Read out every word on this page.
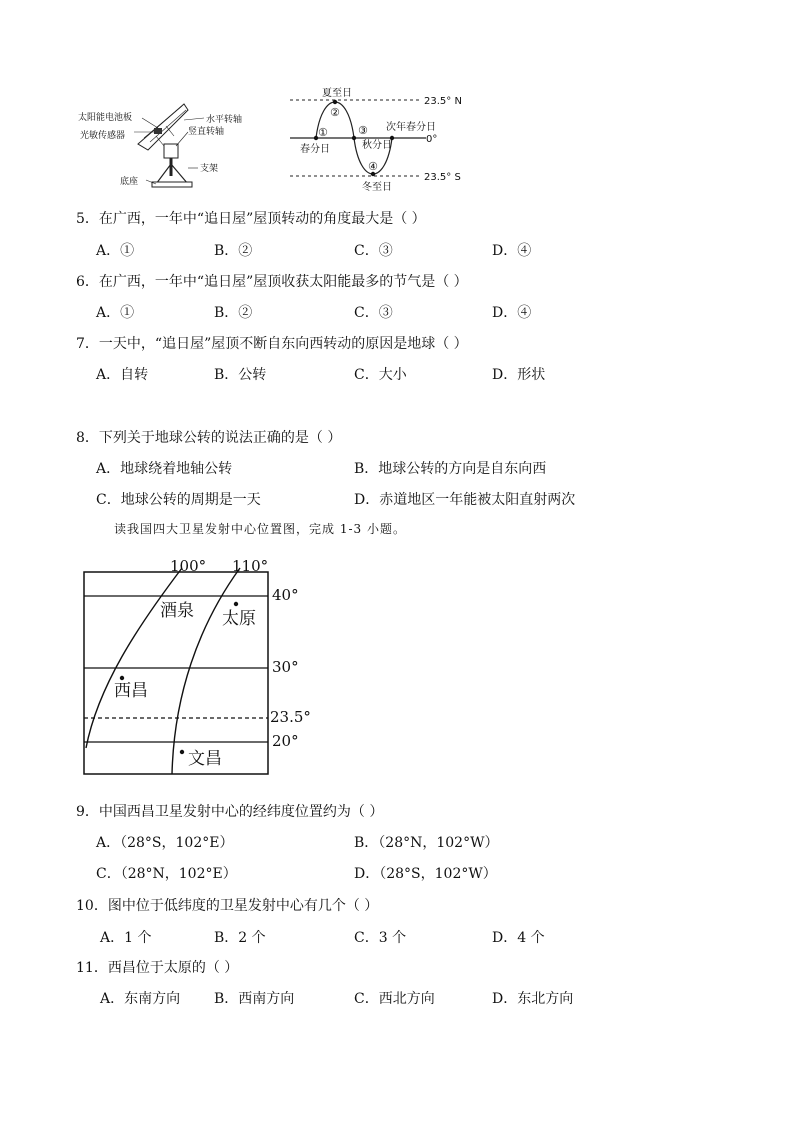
太阳能电池板
光敏传感器
水平转轴
竖直转轴
支架
底座
夏至日
冬至日
春分日	秋分日
次年春分日
23.5° N
0°
23.5° S
①
②
③
④
5．在广西，一年中“追日屋”屋顶转动的角度最大是（ ）
A．①	B．②	C．③	D．④
6．在广西，一年中“追日屋”屋顶收获太阳能最多的节气是（ ）
A．①	B．②	C．③	D．④
7．一天中，“追日屋”屋顶不断自东向西转动的原因是地球（ ）
A．自转	B．公转	C．大小	D．形状
8．下列关于地球公转的说法正确的是（ ）
A．地球绕着地轴公转	B．地球公转的方向是自东向西
C．地球公转的周期是一天	D．赤道地区一年能被太阳直射两次
读我国四大卫星发射中心位置图，完成 1-3 小题。
100° 110°
40°
30°
23.5°
20°
酒泉 太原
西昌
文昌
9．中国西昌卫星发射中心的经纬度位置约为（ ）
A．（28°S，102°E）	B．（28°N，102°W）
C．（28°N，102°E）	D．（28°S，102°W）
10．图中位于低纬度的卫星发射中心有几个（ ）
A．1 个	B．2 个	C．3 个	D．4 个
11．西昌位于太原的（ ）
A．东南方向 B．西南方向	C．西北方向	D．东北方向
